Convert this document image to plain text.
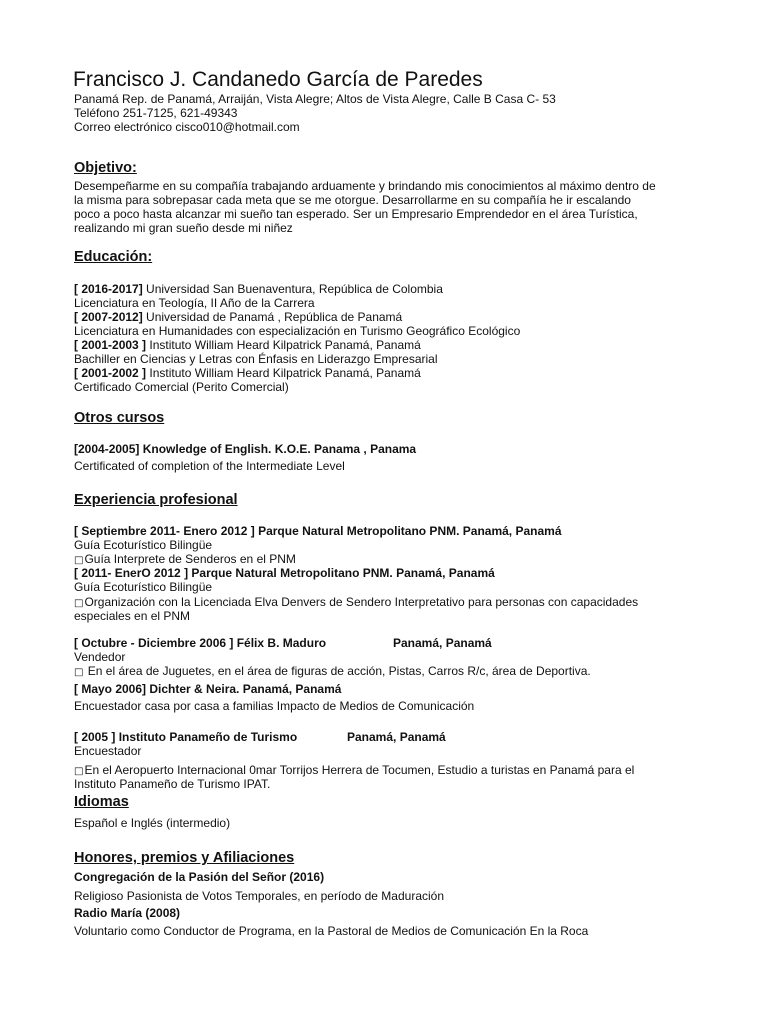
Francisco J. Candanedo García de Paredes
Panamá Rep. de Panamá, Arraiján, Vista Alegre; Altos de Vista Alegre, Calle B Casa C- 53
Teléfono 251-7125, 621-49343
Correo electrónico cisco010@hotmail.com
Objetivo:
Desempeñarme en su compañía trabajando arduamente y brindando mis conocimientos al máximo dentro de
la misma para sobrepasar cada meta que se me otorgue. Desarrollarme en su compañía he ir escalando
poco a poco hasta alcanzar mi sueño tan esperado. Ser un Empresario Emprendedor en el área Turística,
realizando mi gran sueño desde mi niñez
Educación:
[ 2016-2017] Universidad San Buenaventura, República de Colombia
Licenciatura en Teología, II Año de la Carrera
[ 2007-2012] Universidad de Panamá , República de Panamá
Licenciatura en Humanidades con especialización en Turismo Geográfico Ecológico
[ 2001-2003 ] Instituto William Heard Kilpatrick Panamá, Panamá
Bachiller en Ciencias y Letras con Énfasis en Liderazgo Empresarial
[ 2001-2002 ] Instituto William Heard Kilpatrick Panamá, Panamá
Certificado Comercial (Perito Comercial)
Otros cursos
[2004-2005] Knowledge of English. K.O.E. Panama , Panama
Certificated of completion of the Intermediate Level
Experiencia profesional
[ Septiembre 2011- Enero 2012 ] Parque Natural Metropolitano PNM. Panamá, Panamá
Guía Ecoturístico Bilingüe
□Guía Interprete de Senderos en el PNM
[ 2011- EnerO 2012 ] Parque Natural Metropolitano PNM. Panamá, Panamá
Guía Ecoturístico Bilingüe
□Organización con la Licenciada Elva Denvers de Sendero Interpretativo para personas con capacidades
especiales en el PNM
[ Octubre - Diciembre 2006 ] Félix B. Maduro	Panamá, Panamá
Vendedor
□ En el área de Juguetes, en el área de figuras de acción, Pistas, Carros R/c, área de Deportiva.
[ Mayo 2006] Dichter & Neira. Panamá, Panamá
Encuestador casa por casa a familias Impacto de Medios de Comunicación
[ 2005 ] Instituto Panameño de Turismo	Panamá, Panamá
Encuestador
□En el Aeropuerto Internacional 0mar Torrijos Herrera de Tocumen, Estudio a turistas en Panamá para el
Instituto Panameño de Turismo IPAT.
Idiomas
Español e Inglés (intermedio)
Honores, premios y Afiliaciones
Congregación de la Pasión del Señor (2016)
Religioso Pasionista de Votos Temporales, en período de Maduración
Radio María (2008)
Voluntario como Conductor de Programa, en la Pastoral de Medios de Comunicación En la Roca
